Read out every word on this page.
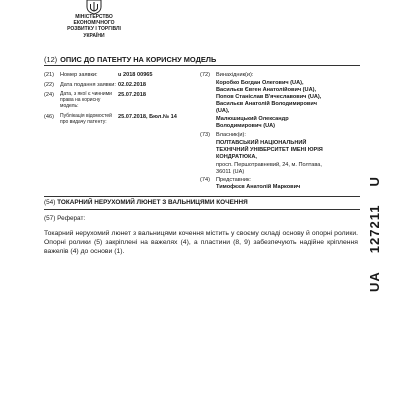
МІНІСТЕРСТВО
ЕКОНОМІЧНОГО
РОЗВИТКУ І ТОРГІВЛІ
УКРАЇНИ
(12) ОПИС ДО ПАТЕНТУ НА КОРИСНУ МОДЕЛЬ
(21) Номер заявки:	u 2018 00965
(22) Дата подання заявки: 02.02.2018
(24) Дата, з якої є чинними
права на корисну
модель:
25.07.2018
(46) Публікація відомостей
про видачу патенту:
25.07.2018, Бюл.№ 14
(72) Винахідник(и):
Коробко Богдан Олегович (UA),
Васильєв Євген Анатолійович (UA),
Попов Станіслав В'ячеславович (UA),
Васильєв Анатолій Володимирович
(UA),
Малюшицький Олександр
Володимирович (UA)
(73) Власник(и):
ПОЛТАВСЬКИЙ НАЦІОНАЛЬНИЙ
ТЕХНІЧНИЙ УНІВЕРСИТЕТ ІМЕНІ ЮРІЯ
КОНДРАТЮКА,
просп. Першотравневий, 24, м. Полтава,
36011 (UA)
(74) Представник:
Тимофєєв Анатолій Маркович
(54) ТОКАРНИЙ НЕРУХОМИЙ ЛЮНЕТ З ВАЛЬНИЦЯМИ КОЧЕННЯ
(57) Реферат:
Токарний нерухомий люнет з вальницями кочення містить у своєму складі основу й опорні ролики. Опорні ролики (5) закріплені на важелях (4), а пластини (8, 9) забезпечують надійне кріплення важелів (4) до основи (1).
UA127211U
